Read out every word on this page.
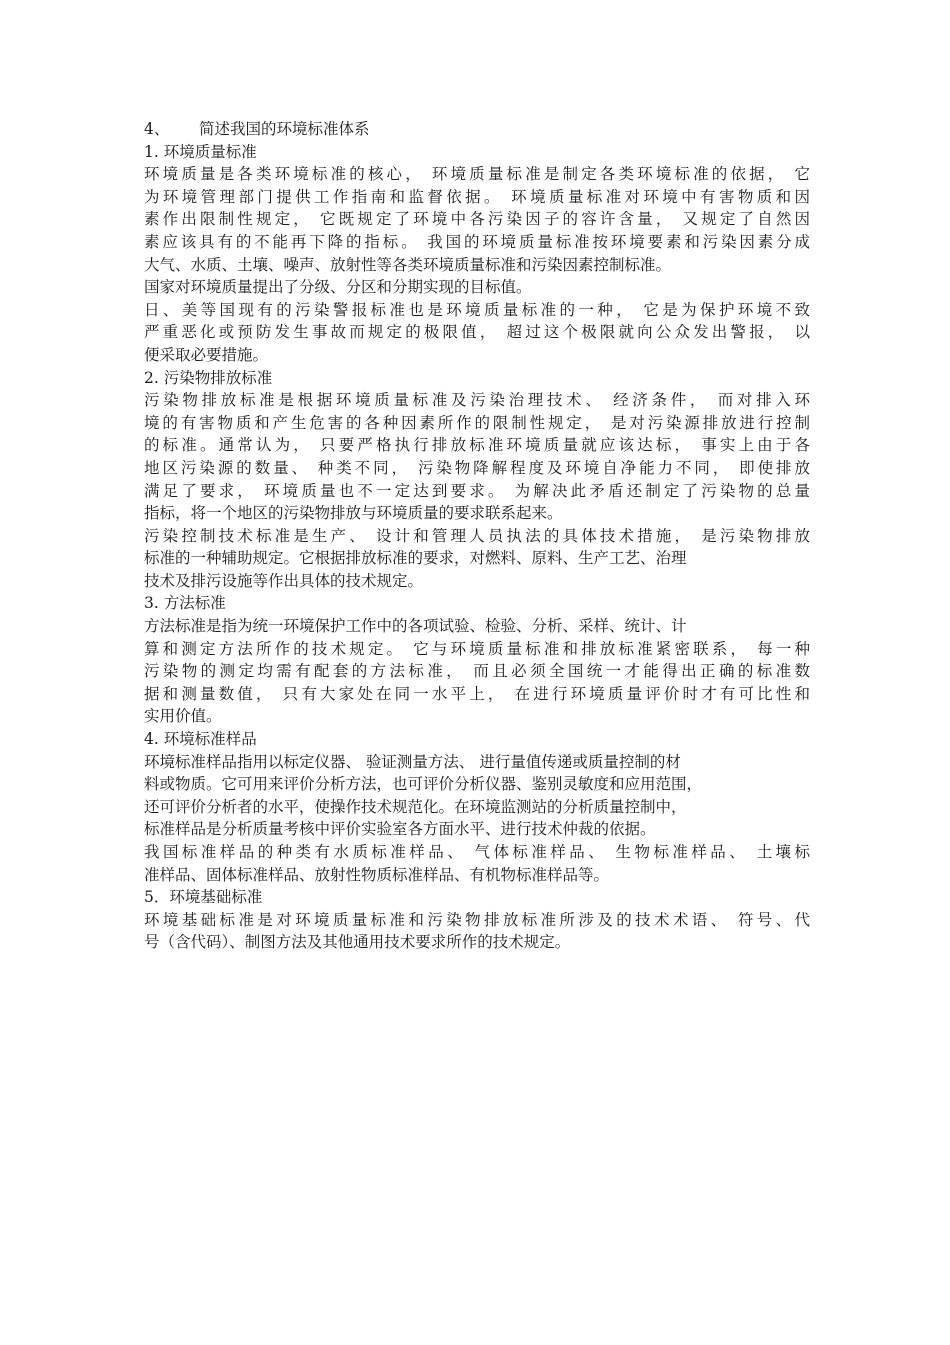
4、 简述我国的环境标准体系
1. 环境质量标准
环境质量是各类环境标准的核心， 环境质量标准是制定各类环境标准的依据， 它
为环境管理部门提供工作指南和监督依据。 环境质量标准对环境中有害物质和因
素作出限制性规定， 它既规定了环境中各污染因子的容许含量， 又规定了自然因
素应该具有的不能再下降的指标。 我国的环境质量标准按环境要素和污染因素分成
大气、水质、土壤、噪声、放射性等各类环境质量标准和污染因素控制标准。
国家对环境质量提出了分级、分区和分期实现的目标值。
日、美等国现有的污染警报标准也是环境质量标准的一种， 它是为保护环境不致
严重恶化或预防发生事故而规定的极限值， 超过这个极限就向公众发出警报， 以
便采取必要措施。
2. 污染物排放标准
污染物排放标准是根据环境质量标准及污染治理技术、 经济条件， 而对排入环
境的有害物质和产生危害的各种因素所作的限制性规定， 是对污染源排放进行控制
的标准。通常认为， 只要严格执行排放标准环境质量就应该达标， 事实上由于各
地区污染源的数量、 种类不同， 污染物降解程度及环境自净能力不同， 即使排放
满足了要求， 环境质量也不一定达到要求。 为解决此矛盾还制定了污染物的总量
指标，将一个地区的污染物排放与环境质量的要求联系起来。
污染控制技术标准是生产、 设计和管理人员执法的具体技术措施， 是污染物排放
标准的一种辅助规定。它根据排放标准的要求，对燃料、原料、生产工艺、治理
技术及排污设施等作出具体的技术规定。
3. 方法标准
方法标准是指为统一环境保护工作中的各项试验、检验、分析、采样、统计、计
算和测定方法所作的技术规定。 它与环境质量标准和排放标准紧密联系， 每一种
污染物的测定均需有配套的方法标准， 而且必须全国统一才能得出正确的标准数
据和测量数值， 只有大家处在同一水平上， 在进行环境质量评价时才有可比性和
实用价值。
4. 环境标准样品
环境标准样品指用以标定仪器、 验证测量方法、 进行量值传递或质量控制的材
料或物质。它可用来评价分析方法，也可评价分析仪器、鉴别灵敏度和应用范围，
还可评价分析者的水平，使操作技术规范化。在环境监测站的分析质量控制中，
标准样品是分析质量考核中评价实验室各方面水平、进行技术仲裁的依据。
我国标准样品的种类有水质标准样品、 气体标准样品、 生物标准样品、 土壤标
准样品、固体标准样品、放射性物质标准样品、有机物标准样品等。
5．环境基础标准
环境基础标准是对环境质量标准和污染物排放标准所涉及的技术术语、 符号、代
号（含代码）、制图方法及其他通用技术要求所作的技术规定。
